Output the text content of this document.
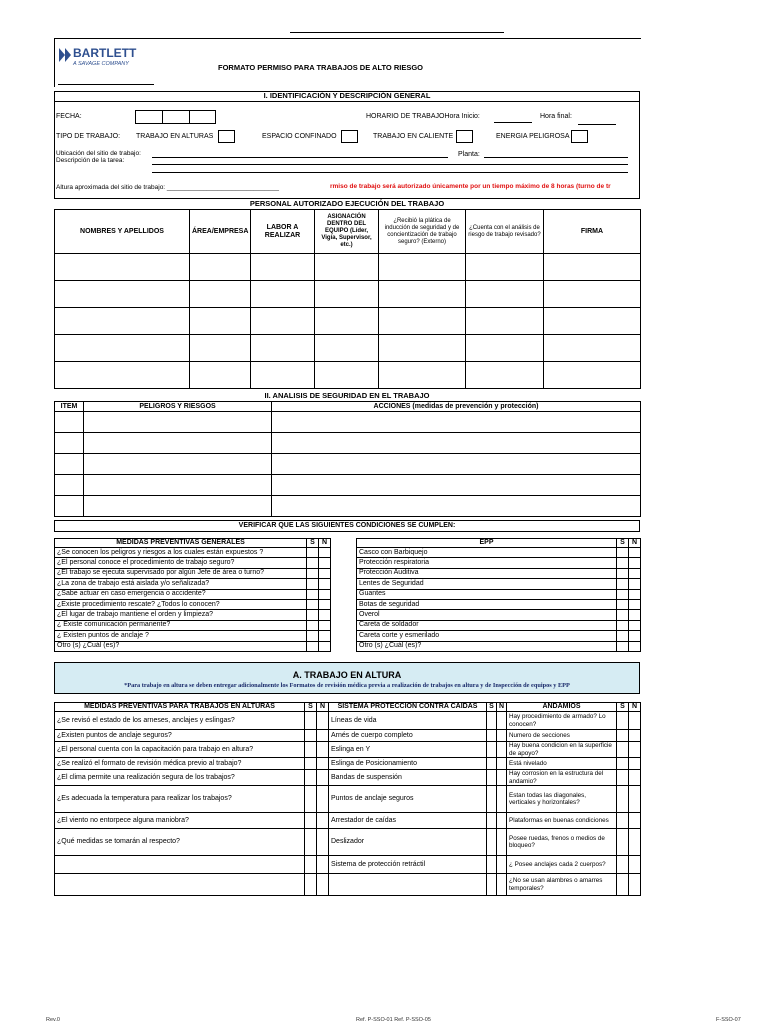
BARTLETT
A SAVAGE COMPANY	FORMATO PERMISO PARA TRABAJOS DE ALTO RIESGO
I. IDENTIFICACIÓN Y DESCRIPCIÓN GENERAL
FECHA:	HORARIO DE TRABAJOHora Inicio:	Hora final:
TIPO DE TRABAJO: TRABAJO EN ALTURAS	ESPACIO CONFINADO	TRABAJO EN CALIENTE	ENERGIA PELIGROSA
Ubicación del sitio de trabajo:
Descripción de la tarea:
Planta:
Altura aproximada del sitio de trabajo: _______________________________	rmiso de trabajo será autorizado únicamente por un tiempo máximo de 8 horas (turno de tr
PERSONAL AUTORIZADO EJECUCIÓN DEL TRABAJO
NOMBRES Y APELLIDOS	ÁREA/EMPRESA	LABOR A REALIZAR	ASIGNACIÓN DENTRO DEL EQUIPO (Líder, Vigía, Supervisor, etc.)	¿Recibió la plática de inducción de seguridad y de concientización de trabajo seguro? (Externo)	¿Cuenta con el análisis de riesgo de trabajo revisado?	FIRMA

II. ANALISIS DE SEGURIDAD EN EL TRABAJO
ITEM	PELIGROS Y RIESGOS	ACCIONES (medidas de prevención y protección)

VERIFICAR QUE LAS SIGUIENTES CONDICIONES SE CUMPLEN:
MEDIDAS PREVENTIVAS GENERALES	S	N
¿Se conocen los peligros y riesgos a los cuales están expuestos ?		
¿El personal conoce el procedimiento de trabajo seguro?		
¿El trabajo se ejecuta supervisado por algún Jefe de área o turno?		
¿La zona de trabajo está aislada y/o señalizada?		
¿Sabe actuar en caso emergencia o accidente?		
¿Existe procedimiento rescate? ¿Todos lo conocen?		
¿El lugar de trabajo mantiene el orden y limpieza?		
¿ Existe comunicación permanente?		
¿ Existen puntos de anclaje ?		
Otro (s) ¿Cuál (es)?		
EPP	S	N
Casco con Barbiquejo		
Protección respiratoria		
Protección Auditiva		
Lentes de Seguridad		
Guantes		
Botas de seguridad		
Overol		
Careta de soldador		
Careta corte y esmerilado		
Otro (s) ¿Cuál (es)?		
A. TRABAJO EN ALTURA
*Para trabajo en altura se deben entregar adicionalmente los Formatos de revisión médica previa a realización de trabajos en altura y de Inspección de equipos y EPP
MEDIDAS PREVENTIVAS PARA TRABAJOS EN ALTURAS	S	N	SISTEMA PROTECCIÓN CONTRA CAIDAS	S	N	ANDAMIOS	S	N
¿Se revisó el estado de los arneses, anclajes y eslingas?			Líneas de vida			Hay procedimiento de armado? Lo conocen?		
¿Existen puntos de anclaje seguros?			Arnés de cuerpo completo			Numero de secciones		
¿El personal cuenta con la capacitación para trabajo en altura?			Eslinga en Y			Hay buena condicion en la superficie de apoyo?		
¿Se realizó el formato de revisión médica previo al trabajo?			Eslinga de Posicionamiento			Está nivelado		
¿El clima permite una realización segura de los trabajos?			Bandas de suspensión			Hay corrosion en la estructura del andamio?		
¿Es adecuada la temperatura para realizar los trabajos?			Puntos de anclaje seguros			Estan todas las diagonales, verticales y horizontales?		
¿El viento no entorpece alguna maniobra?			Arrestador de caídas			Plataformas en buenas condiciones		
¿Qué medidas se tomarán al respecto?			Deslizador			Posee ruedas, frenos o medios de bloqueo?		
			Sistema de protección retráctil			¿ Posee anclajes cada 2 cuerpos?		
						¿No se usan alambres o amarres temporales?		
Rev.0	Ref. P-SSO-01 Ref. P-SSO-05	F-SSO-07
